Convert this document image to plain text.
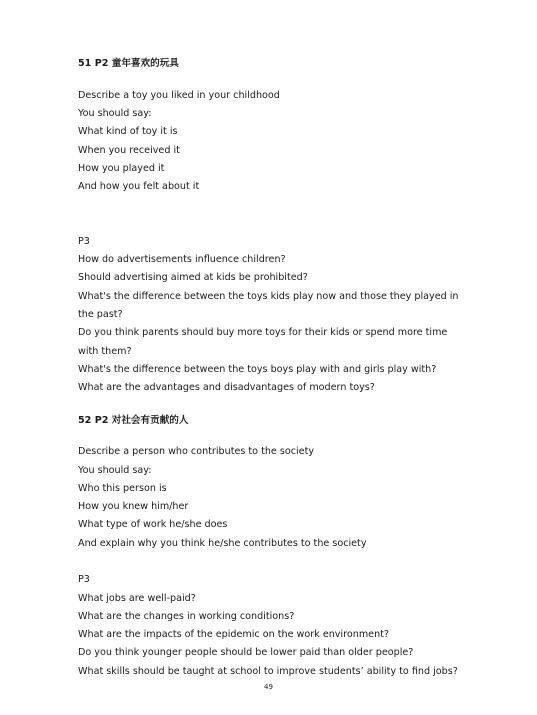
51 P2 童年喜欢的玩具
Describe a toy you liked in your childhood
You should say:
What kind of toy it is
When you received it
How you played it
And how you felt about it
P3
How do advertisements influence children?
Should advertising aimed at kids be prohibited?
What's the difference between the toys kids play now and those they played in
the past?
Do you think parents should buy more toys for their kids or spend more time
with them?
What's the difference between the toys boys play with and girls play with?
What are the advantages and disadvantages of modern toys?
52 P2 对社会有贡献的人
Describe a person who contributes to the society
You should say:
Who this person is
How you knew him/her
What type of work he/she does
And explain why you think he/she contributes to the society
P3
What jobs are well-paid?
What are the changes in working conditions?
What are the impacts of the epidemic on the work environment?
Do you think younger people should be lower paid than older people?
What skills should be taught at school to improve students’ ability to find jobs?
49
